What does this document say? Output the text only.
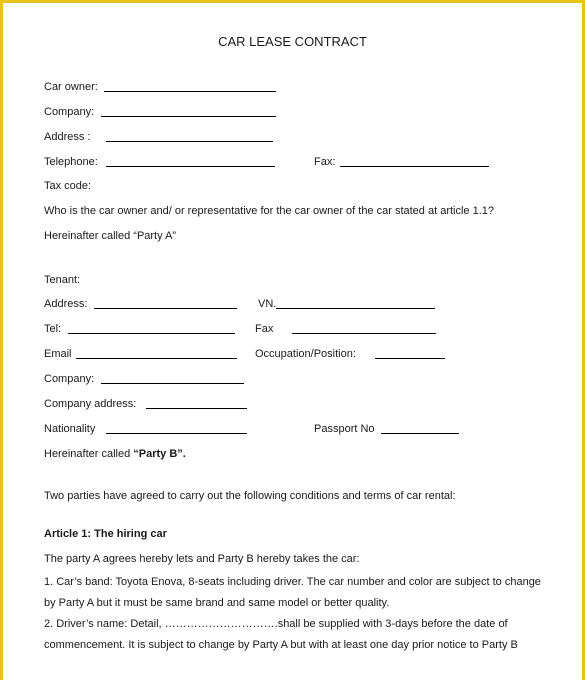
CAR LEASE CONTRACT
Car owner:
Company:
Address :
Telephone:	Fax:
Tax code:
Who is the car owner and/ or representative for the car owner of the car stated at article 1.1?
Hereinafter called “Party A”
Tenant:
Address:	VN.
Tel:	Fax
Email	Occupation/Position:
Company:
Company address:
Nationality	Passport No
Hereinafter called “Party B”.
Two parties have agreed to carry out the following conditions and terms of car rental:
Article 1: The hiring car
The party A agrees hereby lets and Party B hereby takes the car:
1. Car’s band: Toyota Enova, 8-seats including driver. The car number and color are subject to change
by Party A but it must be same brand and same model or better quality.
2. Driver’s name: Detail, ………………………….shall be supplied with 3-days before the date of
commencement. It is subject to change by Party A but with at least one day prior notice to Party B
